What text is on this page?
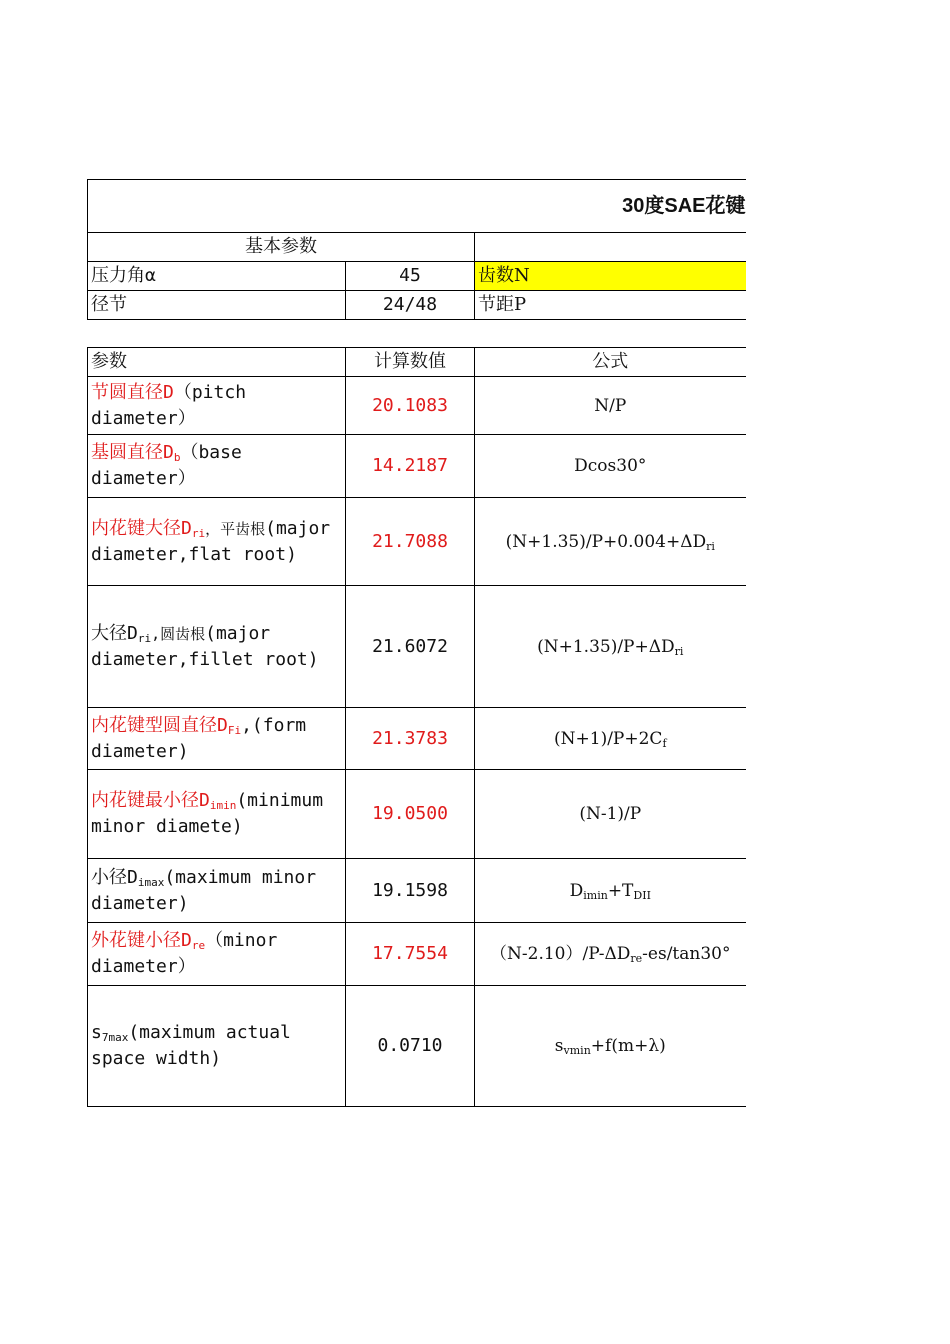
30度SAE花键		
基本参数		
压力角α	45	齿数N
径节	24/48	节距P

参数	计算数值	公式
节圆直径D（pitch diameter）	20.1083	N/P
基圆直径$D_b(base$ diameter）	14.2187	Dcos30°
内花键大径$D_{ri}$，平齿根(major diameter,flat root)	21.7088	$(N+1.35)/P+0.004+\Delta D_{ri}$
大径$D_{ri}$,圆齿根(major diameter,fillet root)	21.6072	$(N+1.35)/P+\Delta D_{ri}$
内花键型圆直径$D_{Fi},(form$ diameter)	21.3783	$(N+1)/P+2C_f$
内花键最小径$D_{imin}(minimum$ minor diamete)	19.0500	(N-1)/P
小径$D_{imax}(maximum$ minor diameter)	19.1598	$D_{imin}+T_{DII}$
外花键小径$D_{re}(minor$ diameter）	17.7554	$(N-2.10)/P-\Delta D_{re}-es/\tan 30^\circ$
$s_{7max}(maximum$ actual space width)	0.0710	$s_{vmin}+f(m+\lambda)$
